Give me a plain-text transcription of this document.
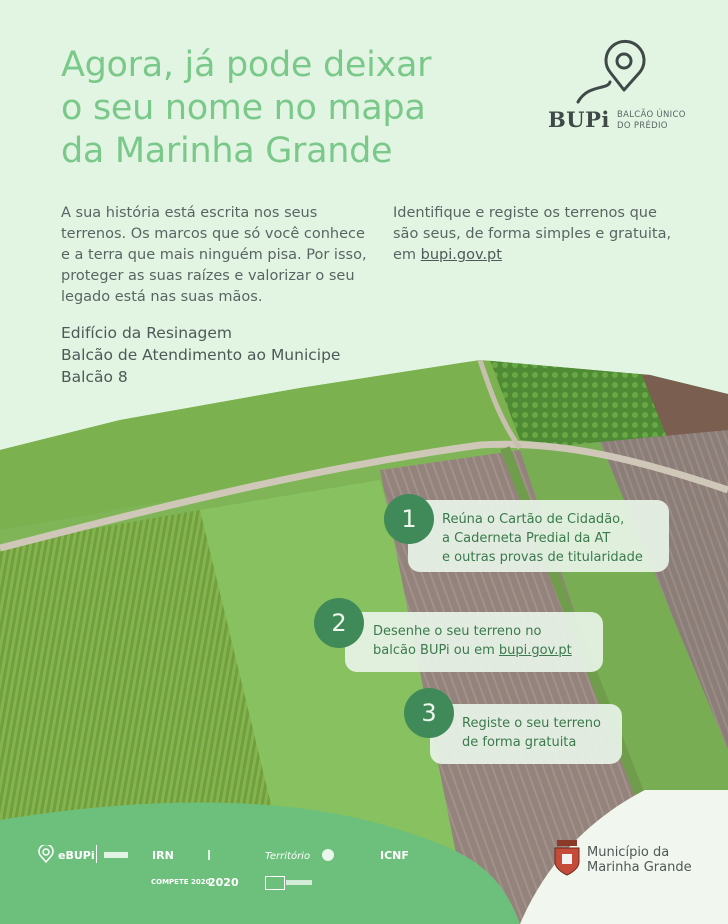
Agora, já pode deixar
o seu nome no mapa
da Marinha Grande
BUPi BALCÃO ÚNICO
DO PRÉDIO

A sua história está escrita nos seus
terrenos. Os marcos que só você conhece
e a terra que mais ninguém pisa. Por isso,
proteger as suas raízes e valorizar o seu
legado está nas suas mãos.

Identifique e registe os terrenos que
são seus, de forma simples e gratuita,
em bupi.gov.pt

Edifício da Resinagem
Balcão de Atendimento ao Municipe
Balcão 8

Reúna o Cartão de Cidadão,
a Caderneta Predial da AT
e outras provas de titularidade
1
Desenhe o seu terreno no
balcão BUPi ou em bupi.gov.pt
2
Registe o seu terreno
de forma gratuita
3
eBUPi	IRN	Território	ICNF
COMPETE 2020
2020
Município da
Marinha Grande
